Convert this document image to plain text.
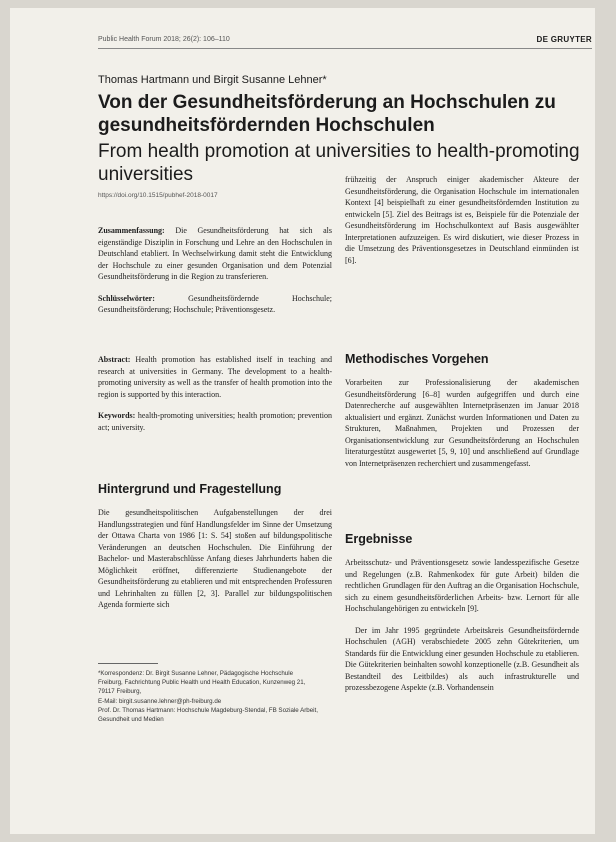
Public Health Forum 2018; 26(2): 106–110	DE GRUYTER
Thomas Hartmann und Birgit Susanne Lehner*
Von der Gesundheitsförderung an Hochschulen zu gesundheitsfördernden Hochschulen
From health promotion at universities to health-promoting universities
https://doi.org/10.1515/pubhef-2018-0017

Zusammenfassung: Die Gesundheitsförderung hat sich als eigenständige Disziplin in Forschung und Lehre an den Hochschulen in Deutschland etabliert. In Wechselwirkung damit steht die Entwicklung der Hochschule zu einer gesunden Organisation und dem Potenzial Gesundheitsförderung in die Region zu transferieren.

Schlüsselwörter:	Gesundheitsfördernde Hochschule; Gesundheitsförderung; Hochschule; Präventionsgesetz.

Abstract: Health promotion has established itself in teaching and research at universities in Germany. The development to a health-promoting university as well as the transfer of health promotion into the region is supported by this interaction.

Keywords: health-promoting universities; health promotion; prevention act; university.

Hintergrund und Fragestellung

Die gesundheitspolitischen Aufgabenstellungen der drei Handlungsstrategien und fünf Handlungsfelder im Sinne der Umsetzung der Ottawa Charta von 1986 [1: S. 54] stoßen auf bildungspolitische Veränderungen an deutschen Hochschulen. Die Einführung der Bachelor- und Masterabschlüsse Anfang dieses Jahrhunderts haben die Möglichkeit eröffnet, differenzierte Studienangebote der Gesundheitsförderung zu etablieren und mit entsprechenden Professuren und Lehrinhalten zu füllen [2, 3]. Parallel zur bildungspolitischen Agenda formierte sich

*Korrespondenz: Dr. Birgit Susanne Lehner, Pädagogische Hochschule Freiburg, Fachrichtung Public Health und Health Education, Kunzenweg 21, 79117 Freiburg,

E-Mail: birgit.susanne.lehner@ph-freiburg.de

Prof. Dr. Thomas Hartmann: Hochschule Magdeburg-Stendal, FB Soziale Arbeit, Gesundheit und Medien

frühzeitig der Anspruch einiger akademischer Akteure der Gesundheitsförderung, die Organisation Hochschule im internationalen Kontext [4] beispielhaft zu einer gesundheitsfördernden Institution zu entwickeln [5]. Ziel des Beitrags ist es, Beispiele für die Potenziale der Gesundheitsförderung im Hochschulkontext auf Basis ausgewählter Interpretationen aufzuzeigen. Es wird diskutiert, wie dieser Prozess in die Umsetzung des Präventionsgesetzes in Deutschland einmünden ist [6].

Methodisches Vorgehen

Vorarbeiten zur Professionalisierung der akademischen Gesundheitsförderung [6–8] wurden aufgegriffen und durch eine Datenrecherche auf ausgewählten Internetpräsenzen im Januar 2018 aktualisiert und ergänzt. Zunächst wurden Informationen und Daten zu Strukturen, Maßnahmen, Projekten und Prozessen der Organisationsentwicklung zur Gesundheitsförderung an Hochschulen literaturgestützt ausgewertet [5, 9, 10] und anschließend auf Grundlage von Internetpräsenzen recherchiert und zusammengefasst.

Ergebnisse

Arbeitsschutz- und Präventionsgesetz sowie landesspezifische Gesetze und Regelungen (z.B. Rahmenkodex für gute Arbeit) bilden die rechtlichen Grundlagen für den Auftrag an die Organisation Hochschule, sich zu einem gesundheitsförderlichen Arbeits- bzw. Lernort für alle Hochschulangehörigen zu entwickeln [9].

Der im Jahr 1995 gegründete Arbeitskreis Gesundheitsfördernde Hochschulen (AGH) verabschiedete 2005 zehn Gütekriterien, um Standards für die Entwicklung einer gesunden Hochschule zu etablieren. Die Gütekriterien beinhalten sowohl konzeptionelle (z.B. Gesundheit als Bestandteil des Leitbildes) als auch infrastrukturelle und prozessbezogene Aspekte (z.B. Vorhandensein
